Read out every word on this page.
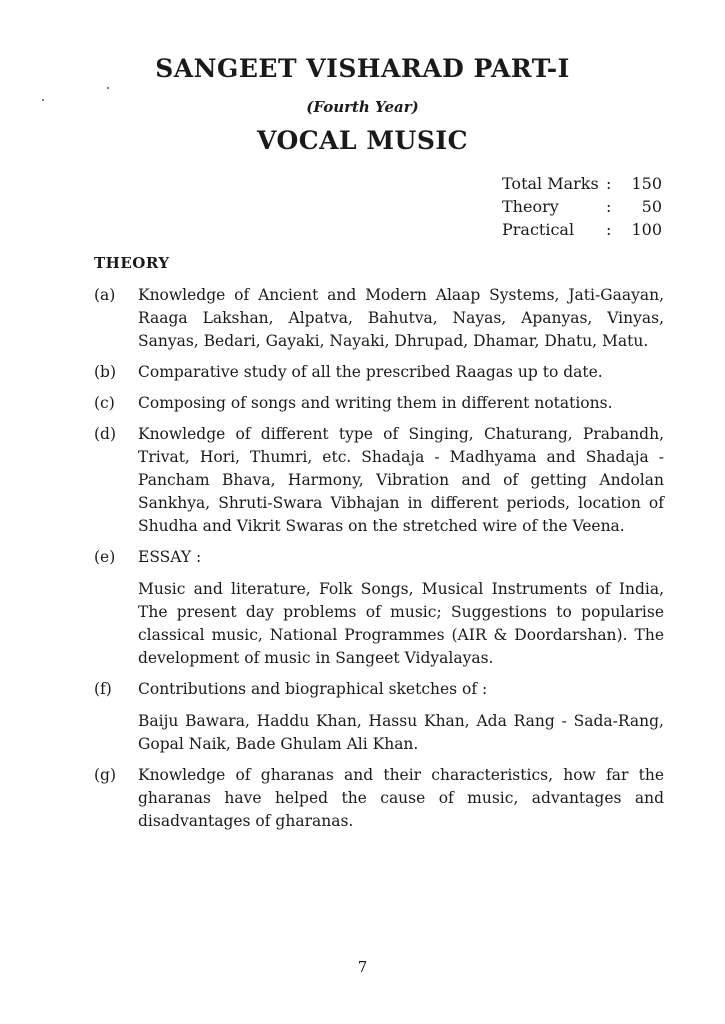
SANGEET VISHARAD PART-I
(Fourth Year)
VOCAL MUSIC
Total Marks :	150
Theory	:	50
Practical	:	100
THEORY
(a)	Knowledge of Ancient and Modern Alaap Systems, Jati-Gaayan, Raaga Lakshan, Alpatva, Bahutva, Nayas, Apanyas, Vinyas, Sanyas, Bedari, Gayaki, Nayaki, Dhrupad, Dhamar, Dhatu, Matu.

(b)	Comparative study of all the prescribed Raagas up to date.

(c)	Composing of songs and writing them in different notations.

(d)	Knowledge of different type of Singing, Chaturang, Prabandh, Trivat, Hori, Thumri, etc. Shadaja - Madhyama and Shadaja - Pancham Bhava, Harmony, Vibration and of getting Andolan Sankhya, Shruti-Swara Vibhajan in different periods, location of Shudha and Vikrit Swaras on the stretched wire of the Veena.

(e)	ESSAY :

Music and literature, Folk Songs, Musical Instruments of India, The present day problems of music; Suggestions to popularise classical music, National Programmes (AIR & Doordarshan). The development of music in Sangeet Vidyalayas.

(f)	Contributions and biographical sketches of :

Baiju Bawara, Haddu Khan, Hassu Khan, Ada Rang - Sada-Rang, Gopal Naik, Bade Ghulam Ali Khan.

(g)	Knowledge of gharanas and their characteristics, how far the gharanas have helped the cause of music, advantages and disadvantages of gharanas.

7
